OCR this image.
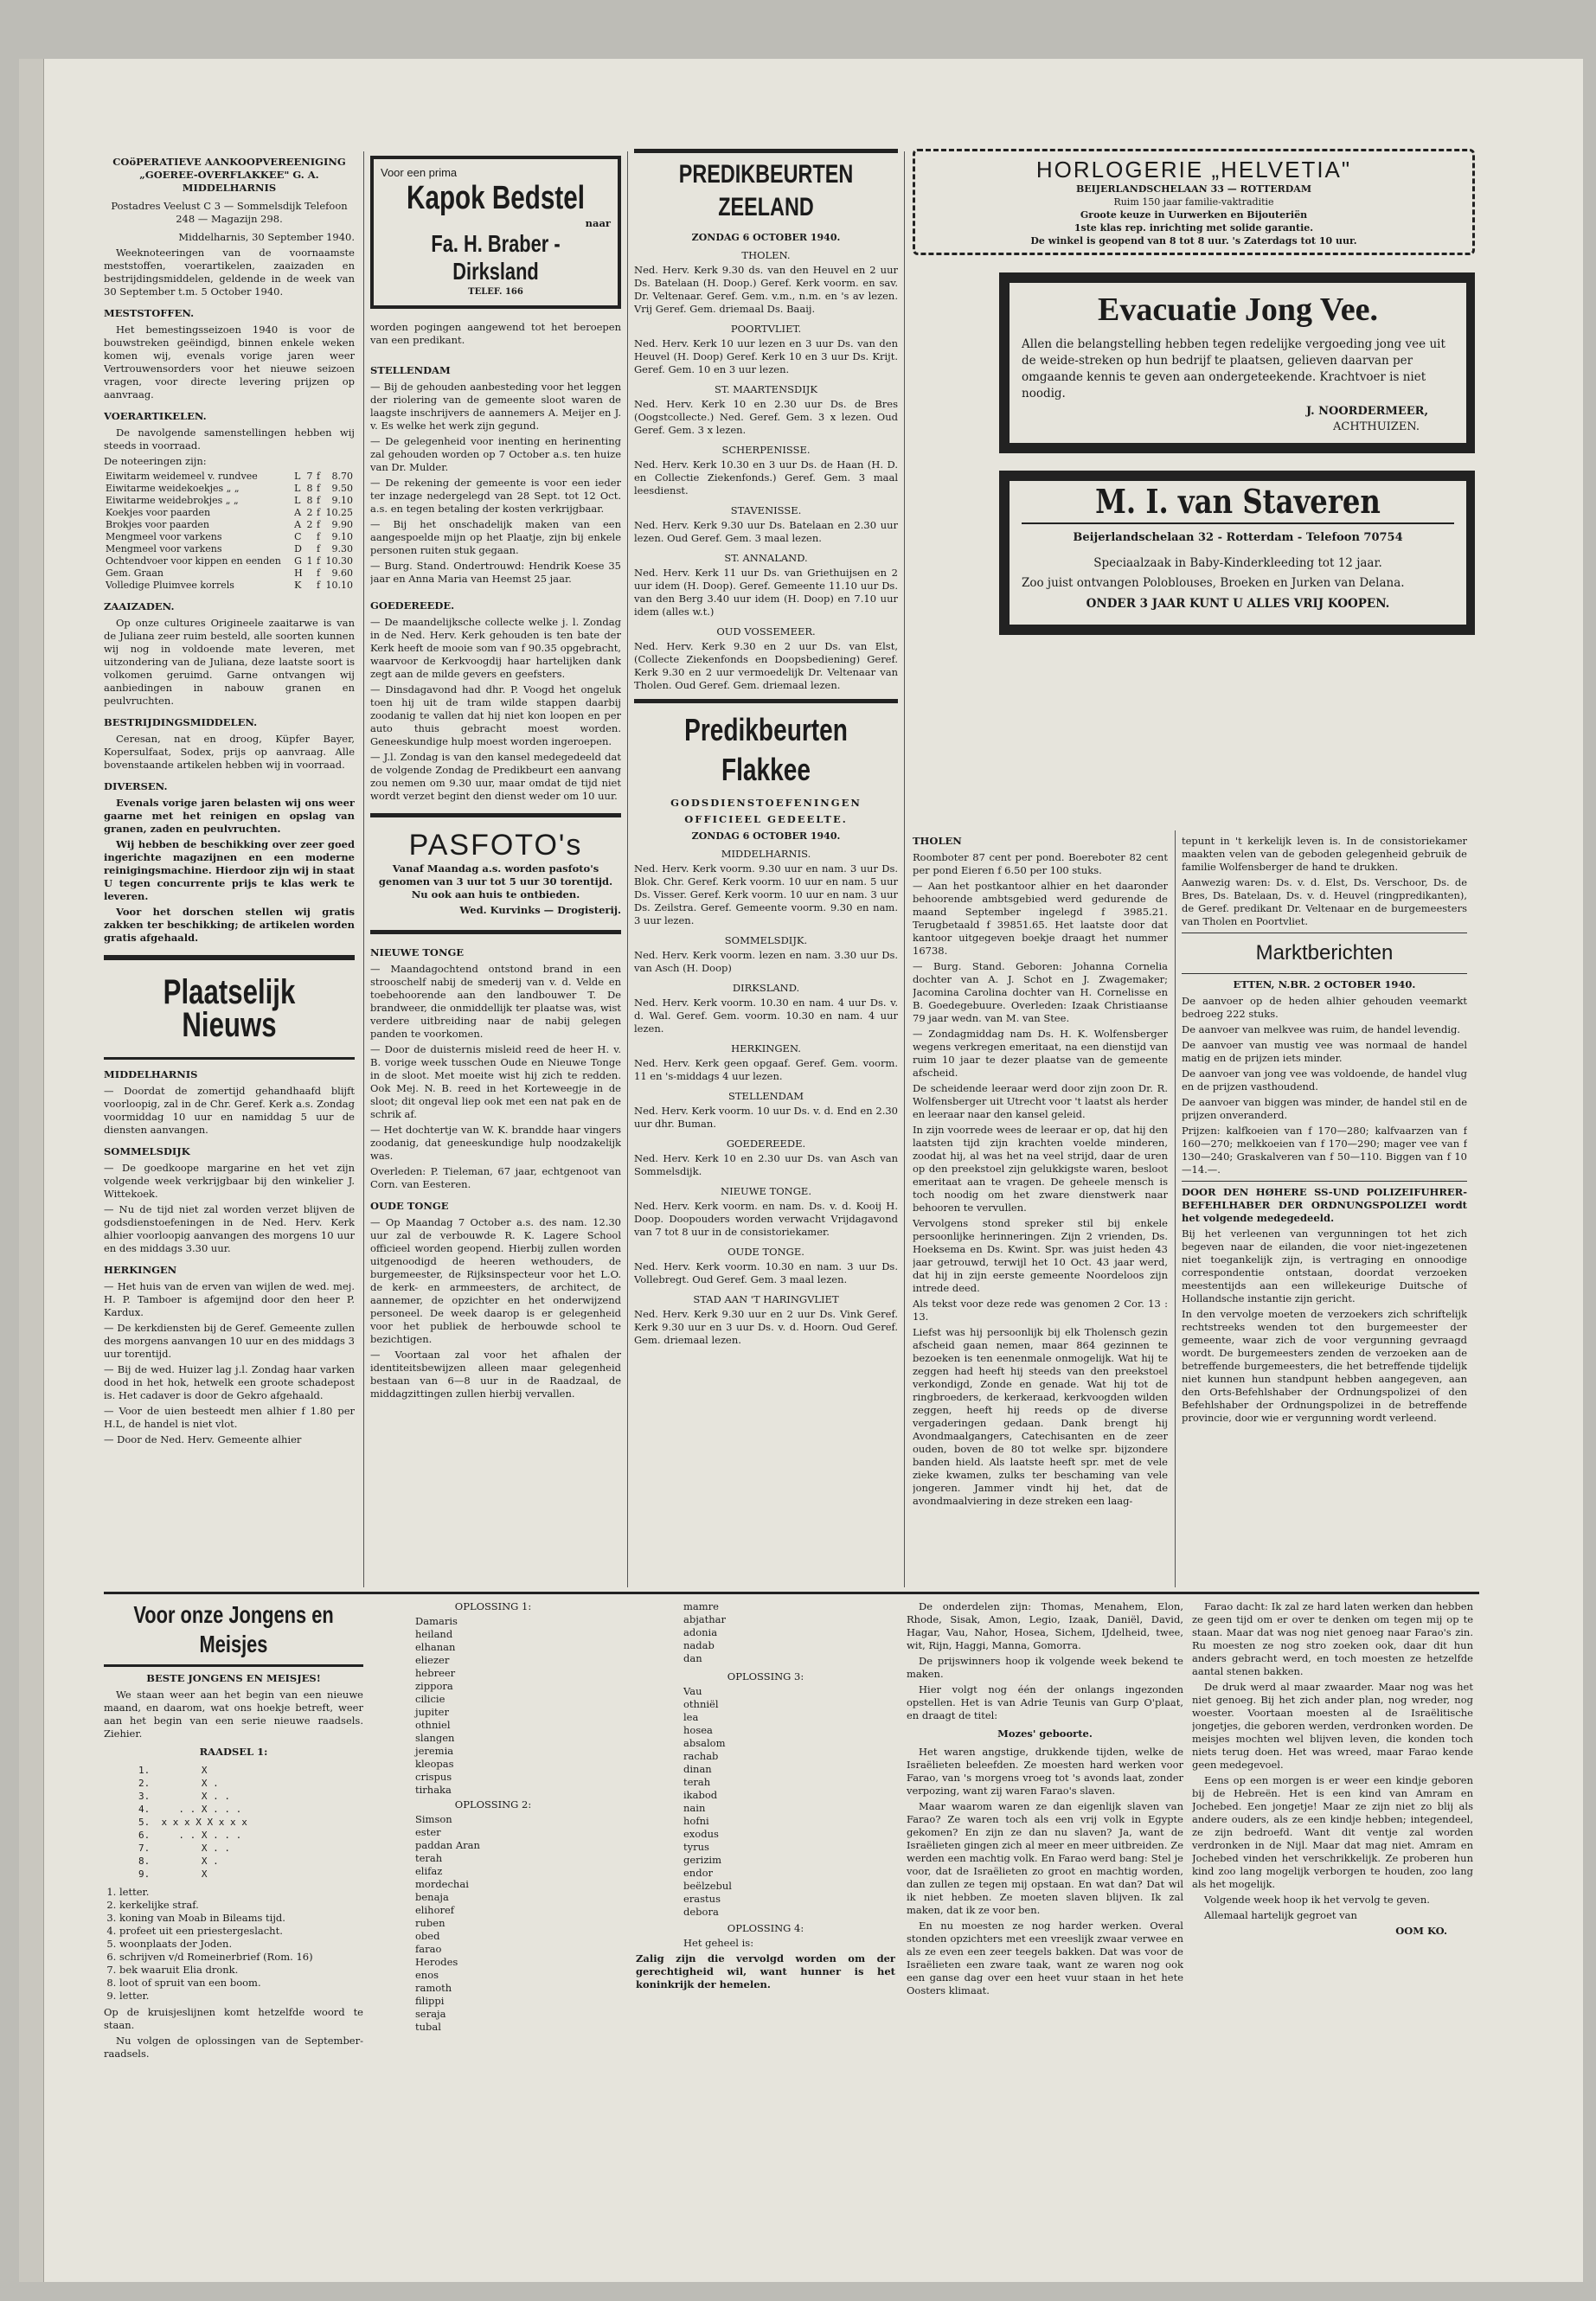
COöPERATIEVE AANKOOPVEREENIGING „GOEREE-OVERFLAKKEE" G. A. MIDDELHARNIS

Postadres Veelust C 3 — Sommelsdijk Telefoon 248 — Magazijn 298.

Middelharnis, 30 September 1940.

Weeknoteeringen van de voornaamste meststoffen, voerartikelen, zaaizaden en bestrijdingsmiddelen, geldende in de week van 30 September t.m. 5 October 1940.

MESTSTOFFEN.

Het bemestingsseizoen 1940 is voor de bouwstreken geëindigd, binnen enkele weken komen wij, evenals vorige jaren weer Vertrouwensorders voor het nieuwe seizoen vragen, voor directe levering prijzen op aanvraag.

VOERARTIKELEN.

De navolgende samenstellingen hebben wij steeds in voorraad.

De noteeringen zijn:

Eiwitarm weidemeel v. rundvee	L	7	f	8.70
Eiwitarme weidekoekjes „ „	L	8	f	9.50
Eiwitarme weidebrokjes „ „	L	8	f	9.10
Koekjes voor paarden	A	2	f	10.25
Brokjes voor paarden	A	2	f	9.90
Mengmeel voor varkens	C		f	9.10
Mengmeel voor varkens	D		f	9.30
Ochtendvoer voor kippen en eenden	G	1	f	10.30
Gem. Graan	H		f	9.60
Volledige Pluimvee korrels	K		f	10.10
ZAAIZADEN.

Op onze cultures Origineele zaaitarwe is van de Juliana zeer ruim besteld, alle soorten kunnen wij nog in voldoende mate leveren, met uitzondering van de Juliana, deze laatste soort is volkomen geruimd. Garne ontvangen wij aanbiedingen in nabouw granen en peulvruchten.

BESTRIJDINGSMIDDELEN.

Ceresan, nat en droog, Küpfer Bayer, Kopersulfaat, Sodex, prijs op aanvraag. Alle bovenstaande artikelen hebben wij in voorraad.

DIVERSEN.

Evenals vorige jaren belasten wij ons weer gaarne met het reinigen en opslag van granen, zaden en peulvruchten.

Wij hebben de beschikking over zeer goed ingerichte magazijnen en een moderne reinigingsmachine. Hierdoor zijn wij in staat U tegen concurrente prijs te klas werk te leveren.

Voor het dorschen stellen wij gratis zakken ter beschikking; de artikelen worden gratis afgehaald.

Plaatselijk Nieuws
MIDDELHARNIS

— Doordat de zomertijd gehandhaafd blijft voorloopig, zal in de Chr. Geref. Kerk a.s. Zondag voormiddag 10 uur en namiddag 5 uur de diensten aanvangen.

SOMMELSDIJK

— De goedkoope margarine en het vet zijn volgende week verkrijgbaar bij den winkelier J. Wittekoek.

— Nu de tijd niet zal worden verzet blijven de godsdienstoefeningen in de Ned. Herv. Kerk alhier voorloopig aanvangen des morgens 10 uur en des middags 3.30 uur.

HERKINGEN

— Het huis van de erven van wijlen de wed. mej. H. P. Tamboer is afgemijnd door den heer P. Kardux.

— De kerkdiensten bij de Geref. Gemeente zullen des morgens aanvangen 10 uur en des middags 3 uur torentijd.

— Bij de wed. Huizer lag j.l. Zondag haar varken dood in het hok, hetwelk een groote schadepost is. Het cadaver is door de Gekro afgehaald.

— Voor de uien besteedt men alhier f 1.80 per H.L, de handel is niet vlot.

— Door de Ned. Herv. Gemeente alhier

Voor een prima
Kapok Bedstel
naar
Fa. H. Braber - Dirksland
TELEF. 166

worden pogingen aangewend tot het beroepen van een predikant.

STELLENDAM

— Bij de gehouden aanbesteding voor het leggen der riolering van de gemeente sloot waren de laagste inschrijvers de aannemers A. Meijer en J. v. Es welke het werk zijn gegund.

— De gelegenheid voor inenting en herinenting zal gehouden worden op 7 October a.s. ten huize van Dr. Mulder.

— De rekening der gemeente is voor een ieder ter inzage nedergelegd van 28 Sept. tot 12 Oct. a.s. en tegen betaling der kosten verkrijgbaar.

— Bij het onschadelijk maken van een aangespoelde mijn op het Plaatje, zijn bij enkele personen ruiten stuk gegaan.

— Burg. Stand. Ondertrouwd: Hendrik Koese 35 jaar en Anna Maria van Heemst 25 jaar.

GOEDEREEDE.

— De maandelijksche collecte welke j. l. Zondag in de Ned. Herv. Kerk gehouden is ten bate der Kerk heeft de mooie som van f 90.35 opgebracht, waarvoor de Kerkvoogdij haar hartelijken dank zegt aan de milde gevers en geefsters.

— Dinsdagavond had dhr. P. Voogd het ongeluk toen hij uit de tram wilde stappen daarbij zoodanig te vallen dat hij niet kon loopen en per auto thuis gebracht moest worden. Geneeskundige hulp moest worden ingeroepen.

— J.l. Zondag is van den kansel medegedeeld dat de volgende Zondag de Predikbeurt een aanvang zou nemen om 9.30 uur, maar omdat de tijd niet wordt verzet begint den dienst weder om 10 uur.

PASFOTO's

Vanaf Maandag a.s. worden pasfoto's genomen van 3 uur tot 5 uur 30 torentijd. Nu ook aan huis te ontbieden.

Wed. Kurvinks — Drogisterij.

NIEUWE TONGE

— Maandagochtend ontstond brand in een strooschelf nabij de smederij van v. d. Velde en toebehoorende aan den landbouwer T. De brandweer, die onmiddellijk ter plaatse was, wist verdere uitbreiding naar de nabij gelegen panden te voorkomen.

— Door de duisternis misleid reed de heer H. v. B. vorige week tusschen Oude en Nieuwe Tonge in de sloot. Met moeite wist hij zich te redden. Ook Mej. N. B. reed in het Korteweegje in de sloot; dit ongeval liep ook met een nat pak en de schrik af.

— Het dochtertje van W. K. brandde haar vingers zoodanig, dat geneeskundige hulp noodzakelijk was.

Overleden: P. Tieleman, 67 jaar, echtgenoot van Corn. van Eesteren.

OUDE TONGE

— Op Maandag 7 October a.s. des nam. 12.30 uur zal de verbouwde R. K. Lagere School officieel worden geopend. Hierbij zullen worden uitgenoodigd de heeren wethouders, de burgemeester, de Rijksinspecteur voor het L.O. de kerk- en armmeesters, de architect, de aannemer, de opzichter en het onderwijzend personeel. De week daarop is er gelegenheid voor het publiek de herbouwde school te bezichtigen.

— Voortaan zal voor het afhalen der identiteitsbewijzen alleen maar gelegenheid bestaan van 6—8 uur in de Raadzaal, de middagzittingen zullen hierbij vervallen.

PREDIKBEURTEN ZEELAND
ZONDAG 6 OCTOBER 1940.
THOLEN.

Ned. Herv. Kerk 9.30 ds. van den Heuvel en 2 uur Ds. Batelaan (H. Doop.) Geref. Kerk voorm. en sav. Dr. Veltenaar. Geref. Gem. v.m., n.m. en 's av lezen. Vrij Geref. Gem. driemaal Ds. Baaij.

POORTVLIET.

Ned. Herv. Kerk 10 uur lezen en 3 uur Ds. van den Heuvel (H. Doop) Geref. Kerk 10 en 3 uur Ds. Krijt. Geref. Gem. 10 en 3 uur lezen.

ST. MAARTENSDIJK

Ned. Herv. Kerk 10 en 2.30 uur Ds. de Bres (Oogstcollecte.) Ned. Geref. Gem. 3 x lezen. Oud Geref. Gem. 3 x lezen.

SCHERPENISSE.

Ned. Herv. Kerk 10.30 en 3 uur Ds. de Haan (H. D. en Collectie Ziekenfonds.) Geref. Gem. 3 maal leesdienst.

STAVENISSE.

Ned. Herv. Kerk 9.30 uur Ds. Batelaan en 2.30 uur lezen. Oud Geref. Gem. 3 maal lezen.

ST. ANNALAND.

Ned. Herv. Kerk 11 uur Ds. van Griethuijsen en 2 uur idem (H. Doop). Geref. Gemeente 11.10 uur Ds. van den Berg 3.40 uur idem (H. Doop) en 7.10 uur idem (alles w.t.)

OUD VOSSEMEER.

Ned. Herv. Kerk 9.30 en 2 uur Ds. van Elst, (Collecte Ziekenfonds en Doopsbediening) Geref. Kerk 9.30 en 2 uur vermoedelijk Dr. Veltenaar van Tholen. Oud Geref. Gem. driemaal lezen.

Predikbeurten Flakkee
GODSDIENSTOEFENINGEN
OFFICIEEL GEDEELTE.
ZONDAG 6 OCTOBER 1940.
MIDDELHARNIS.

Ned. Herv. Kerk voorm. 9.30 uur en nam. 3 uur Ds. Blok. Chr. Geref. Kerk voorm. 10 uur en nam. 5 uur Ds. Visser. Geref. Kerk voorm. 10 uur en nam. 3 uur Ds. Zeilstra. Geref. Gemeente voorm. 9.30 en nam. 3 uur lezen.

SOMMELSDIJK.

Ned. Herv. Kerk voorm. lezen en nam. 3.30 uur Ds. van Asch (H. Doop)

DIRKSLAND.

Ned. Herv. Kerk voorm. 10.30 en nam. 4 uur Ds. v. d. Wal. Geref. Gem. voorm. 10.30 en nam. 4 uur lezen.

HERKINGEN.

Ned. Herv. Kerk geen opgaaf. Geref. Gem. voorm. 11 en 's-middags 4 uur lezen.

STELLENDAM

Ned. Herv. Kerk voorm. 10 uur Ds. v. d. End en 2.30 uur dhr. Buman.

GOEDEREEDE.

Ned. Herv. Kerk 10 en 2.30 uur Ds. van Asch van Sommelsdijk.

NIEUWE TONGE.

Ned. Herv. Kerk voorm. en nam. Ds. v. d. Kooij H. Doop. Doopouders worden verwacht Vrijdagavond van 7 tot 8 uur in de consistoriekamer.

OUDE TONGE.

Ned. Herv. Kerk voorm. 10.30 en nam. 3 uur Ds. Vollebregt. Oud Geref. Gem. 3 maal lezen.

STAD AAN 'T HARINGVLIET

Ned. Herv. Kerk 9.30 uur en 2 uur Ds. Vink Geref. Kerk 9.30 uur en 3 uur Ds. v. d. Hoorn. Oud Geref. Gem. driemaal lezen.

HORLOGERIE „HELVETIA"
BEIJERLANDSCHELAAN 33 — ROTTERDAM
Ruim 150 jaar familie-vaktraditie
Groote keuze in Uurwerken en Bijouteriën
1ste klas rep. inrichting met solide garantie.
De winkel is geopend van 8 tot 8 uur. 's Zaterdags tot 10 uur.
Evacuatie Jong Vee.

Allen die belangstelling hebben tegen redelijke vergoeding jong vee uit de weide-streken op hun bedrijf te plaatsen, gelieven daarvan per omgaande kennis te geven aan ondergeteekende. Krachtvoer is niet noodig.

J. NOORDERMEER,

ACHTHUIZEN.

M. I. van Staveren
Beijerlandschelaan 32 - Rotterdam - Telefoon 70754

Speciaalzaak in Baby-Kinderkleeding tot 12 jaar.

Zoo juist ontvangen Poloblouses, Broeken en Jurken van Delana.

ONDER 3 JAAR KUNT U ALLES VRIJ KOOPEN.

THOLEN

Roomboter 87 cent per pond. Boereboter 82 cent per pond Eieren f 6.50 per 100 stuks.

— Aan het postkantoor alhier en het daaronder behoorende ambtsgebied werd gedurende de maand September ingelegd f 3985.21. Terugbetaald f 39851.65. Het laatste door dat kantoor uitgegeven boekje draagt het nummer 16738.

— Burg. Stand. Geboren: Johanna Cornelia dochter van A. J. Schot en J. Zwagemaker; Jacomina Carolina dochter van H. Cornelisse en B. Goedegebuure. Overleden: Izaak Christiaanse 79 jaar wedn. van M. van Stee.

— Zondagmiddag nam Ds. H. K. Wolfensberger wegens verkregen emeritaat, na een dienstijd van ruim 10 jaar te dezer plaatse van de gemeente afscheid.

De scheidende leeraar werd door zijn zoon Dr. R. Wolfensberger uit Utrecht voor 't laatst als herder en leeraar naar den kansel geleid.

In zijn voorrede wees de leeraar er op, dat hij den laatsten tijd zijn krachten voelde minderen, zoodat hij, al was het na veel strijd, daar de uren op den preekstoel zijn gelukkigste waren, besloot emeritaat aan te vragen. De geheele mensch is toch noodig om het zware dienstwerk naar behooren te vervullen.

Vervolgens stond spreker stil bij enkele persoonlijke herinneringen. Zijn 2 vrienden, Ds. Hoeksema en Ds. Kwint. Spr. was juist heden 43 jaar getrouwd, terwijl het 10 Oct. 43 jaar werd, dat hij in zijn eerste gemeente Noordeloos zijn intrede deed.

Als tekst voor deze rede was genomen 2 Cor. 13 : 13.

Liefst was hij persoonlijk bij elk Tholensch gezin afscheid gaan nemen, maar 864 gezinnen te bezoeken is ten eenenmale onmogelijk. Wat hij te zeggen had heeft hij steeds van den preekstoel verkondigd, Zonde en genade. Wat hij tot de ringbroeders, de kerkeraad, kerkvoogden wilden zeggen, heeft hij reeds op de diverse vergaderingen gedaan. Dank brengt hij Avondmaalgangers, Catechisanten en de zeer ouden, boven de 80 tot welke spr. bijzondere banden hield. Als laatste heeft spr. met de vele zieke kwamen, zulks ter beschaming van vele jongeren. Jammer vindt hij het, dat de avondmaalviering in deze streken een laag-

tepunt in 't kerkelijk leven is. In de consistoriekamer maakten velen van de geboden gelegenheid gebruik de familie Wolfensberger de hand te drukken.

Aanwezig waren: Ds. v. d. Elst, Ds. Verschoor, Ds. de Bres, Ds. Batelaan, Ds. v. d. Heuvel (ringpredikanten), de Geref. predikant Dr. Veltenaar en de burgemeesters van Tholen en Poortvliet.

Marktberichten
ETTEN, N.BR. 2 OCTOBER 1940.

De aanvoer op de heden alhier gehouden veemarkt bedroeg 222 stuks.

De aanvoer van melkvee was ruim, de handel levendig.

De aanvoer van mustig vee was normaal de handel matig en de prijzen iets minder.

De aanvoer van jong vee was voldoende, de handel vlug en de prijzen vasthoudend.

De aanvoer van biggen was minder, de handel stil en de prijzen onveranderd.

Prijzen: kalfkoeien van f 170—280; kalfvaarzen van f 160—270; melkkoeien van f 170—290; mager vee van f 130—240; Graskalveren van f 50—110. Biggen van f 10 —14.—.

DOOR DEN HØHERE SS-UND POLIZEIFUHRER-BEFEHLHABER DER ORDNUNGSPOLIZEI wordt het volgende medegedeeld.

Bij het verleenen van vergunningen tot het zich begeven naar de eilanden, die voor niet-ingezetenen niet toegankelijk zijn, is vertraging en onnoodige correspondentie ontstaan, doordat verzoeken meestentijds aan een willekeurige Duitsche of Hollandsche instantie zijn gericht.

In den vervolge moeten de verzoekers zich schriftelijk rechtstreeks wenden tot den burgemeester der gemeente, waar zich de voor vergunning gevraagd wordt. De burgemeesters zenden de verzoeken aan de betreffende burgemeesters, die het betreffende tijdelijk niet kunnen hun standpunt hebben aangegeven, aan den Orts-Befehlshaber der Ordnungspolizei of den Befehlshaber der Ordnungspolizei in de betreffende provincie, door wie er vergunning wordt verleend.

Voor onze Jongens en Meisjes
BESTE JONGENS EN MEISJES!

We staan weer aan het begin van een nieuwe maand, en daarom, wat ons hoekje betreft, weer aan het begin van een serie nieuwe raadsels. Ziehier.

RAADSEL 1:
1.         X
2.         X .
3.         X . .
4.     . . X . . .
5.  x x x X X x x x
6.     . . X . . .
7.         X . .
8.         X .
9.         X
1. letter.
2. kerkelijke straf.
3. koning van Moab in Bileams tijd.
4. profeet uit een priestergeslacht.
5. woonplaats der Joden.
6. schrijven v/d Romeinerbrief (Rom. 16)
7. bek waaruit Elia dronk.
8. loot of spruit van een boom.
9. letter.

Op de kruisjeslijnen komt hetzelfde woord te staan.

Nu volgen de oplossingen van de September-raadsels.

OPLOSSING 1:
Damaris
heiland
elhanan
eliezer
hebreer
zippora
cilicie
jupiter
othniel
slangen
jeremia
kleopas
crispus
tirhaka
OPLOSSING 2:
Simson
ester
paddan Aran
terah
elifaz
mordechai
benaja
elihoref
ruben
obed
farao
Herodes
enos
ramoth
filippi
seraja
tubal
mamre
abjathar
adonia
nadab
dan
OPLOSSING 3:
Vau
othniël
lea
hosea
absalom
rachab
dinan
terah
ikabod
nain
hofni
exodus
tyrus
gerizim
endor
beëlzebul
erastus
debora
OPLOSSING 4:

Het geheel is:

Zalig zijn die vervolgd worden om der gerechtigheid wil, want hunner is het koninkrijk der hemelen.

De onderdelen zijn: Thomas, Menahem, Elon, Rhode, Sisak, Amon, Legio, Izaak, Daniël, David, Hagar, Vau, Nahor, Hosea, Sichem, IJdelheid, twee, wit, Rijn, Haggi, Manna, Gomorra.

De prijswinners hoop ik volgende week bekend te maken.

Hier volgt nog één der onlangs ingezonden opstellen. Het is van Adrie Teunis van Gurp O'plaat, en draagt de titel:

Mozes' geboorte.

Het waren angstige, drukkende tijden, welke de Israëlieten beleefden. Ze moesten hard werken voor Farao, van 's morgens vroeg tot 's avonds laat, zonder verpozing, want zij waren Farao's slaven.

Maar waarom waren ze dan eigenlijk slaven van Farao? Ze waren toch als een vrij volk in Egypte gekomen? En zijn ze dan nu slaven? Ja, want de Israëlieten gingen zich al meer en meer uitbreiden. Ze werden een machtig volk. En Farao werd bang: Stel je voor, dat de Israëlieten zo groot en machtig worden, dan zullen ze tegen mij opstaan. En wat dan? Dat wil ik niet hebben. Ze moeten slaven blijven. Ik zal maken, dat ik ze voor ben.

En nu moesten ze nog harder werken. Overal stonden opzichters met een vreeslijk zwaar verwee en als ze even een zeer teegels bakken. Dat was voor de Israëlieten een zware taak, want ze waren nog ook een ganse dag over een heet vuur staan in het hete Oosters klimaat.

Farao dacht: Ik zal ze hard laten werken dan hebben ze geen tijd om er over te denken om tegen mij op te staan. Maar dat was nog niet genoeg naar Farao's zin. Ru moesten ze nog stro zoeken ook, daar dit hun anders gebracht werd, en toch moesten ze hetzelfde aantal stenen bakken.

De druk werd al maar zwaarder. Maar nog was het niet genoeg. Bij het zich ander plan, nog wreder, nog woester. Voortaan moesten al de Israëlitische jongetjes, die geboren werden, verdronken worden. De meisjes mochten wel blijven leven, die konden toch niets terug doen. Het was wreed, maar Farao kende geen medegevoel.

Eens op een morgen is er weer een kindje geboren bij de Hebreën. Het is een kind van Amram en Jochebed. Een jongetje! Maar ze zijn niet zo blij als andere ouders, als ze een kindje hebben; integendeel, ze zijn bedroefd. Want dit ventje zal worden verdronken in de Nijl. Maar dat mag niet. Amram en Jochebed vinden het verschrikkelijk. Ze proberen hun kind zoo lang mogelijk verborgen te houden, zoo lang als het mogelijk.

Volgende week hoop ik het vervolg te geven.

Allemaal hartelijk gegroet van

OOM KO.
